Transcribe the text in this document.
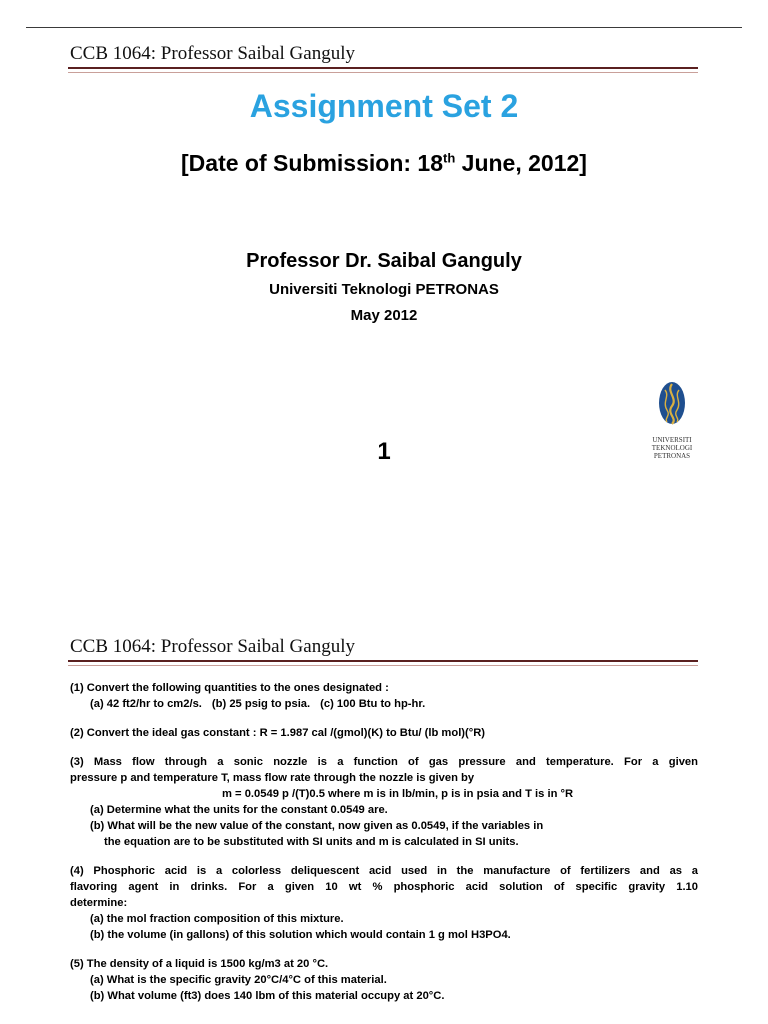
CCB 1064: Professor Saibal Ganguly
Assignment Set 2
[Date of Submission: 18th June, 2012]
Professor Dr. Saibal Ganguly
Universiti Teknologi PETRONAS
May 2012
UNIVERSITI
TEKNOLOGI
PETRONAS
1
CCB 1064: Professor Saibal Ganguly
(1) Convert the following quantities to the ones designated :
(a) 42 ft2/hr to cm2/s. (b) 25 psig to psia. (c) 100 Btu to hp-hr.
(2) Convert the ideal gas constant : R = 1.987 cal /(gmol)(K) to Btu/ (lb mol)(°R)
(3) Mass flow through a sonic nozzle is a function of gas pressure and temperature. For a given
pressure p and temperature T, mass flow rate through the nozzle is given by
m = 0.0549 p /(T)0.5 where m is in lb/min, p is in psia and T is in °R
(a) Determine what the units for the constant 0.0549 are.
(b) What will be the new value of the constant, now given as 0.0549, if the variables in
the equation are to be substituted with SI units and m is calculated in SI units.
(4) Phosphoric acid is a colorless deliquescent acid used in the manufacture of fertilizers and as a
flavoring agent in drinks. For a given 10 wt % phosphoric acid solution of specific gravity 1.10
determine:
(a) the mol fraction composition of this mixture.
(b) the volume (in gallons) of this solution which would contain 1 g mol H3PO4.
(5) The density of a liquid is 1500 kg/m3 at 20 °C.
(a) What is the specific gravity 20°C/4°C of this material.
(b) What volume (ft3) does 140 lbm of this material occupy at 20°C.
